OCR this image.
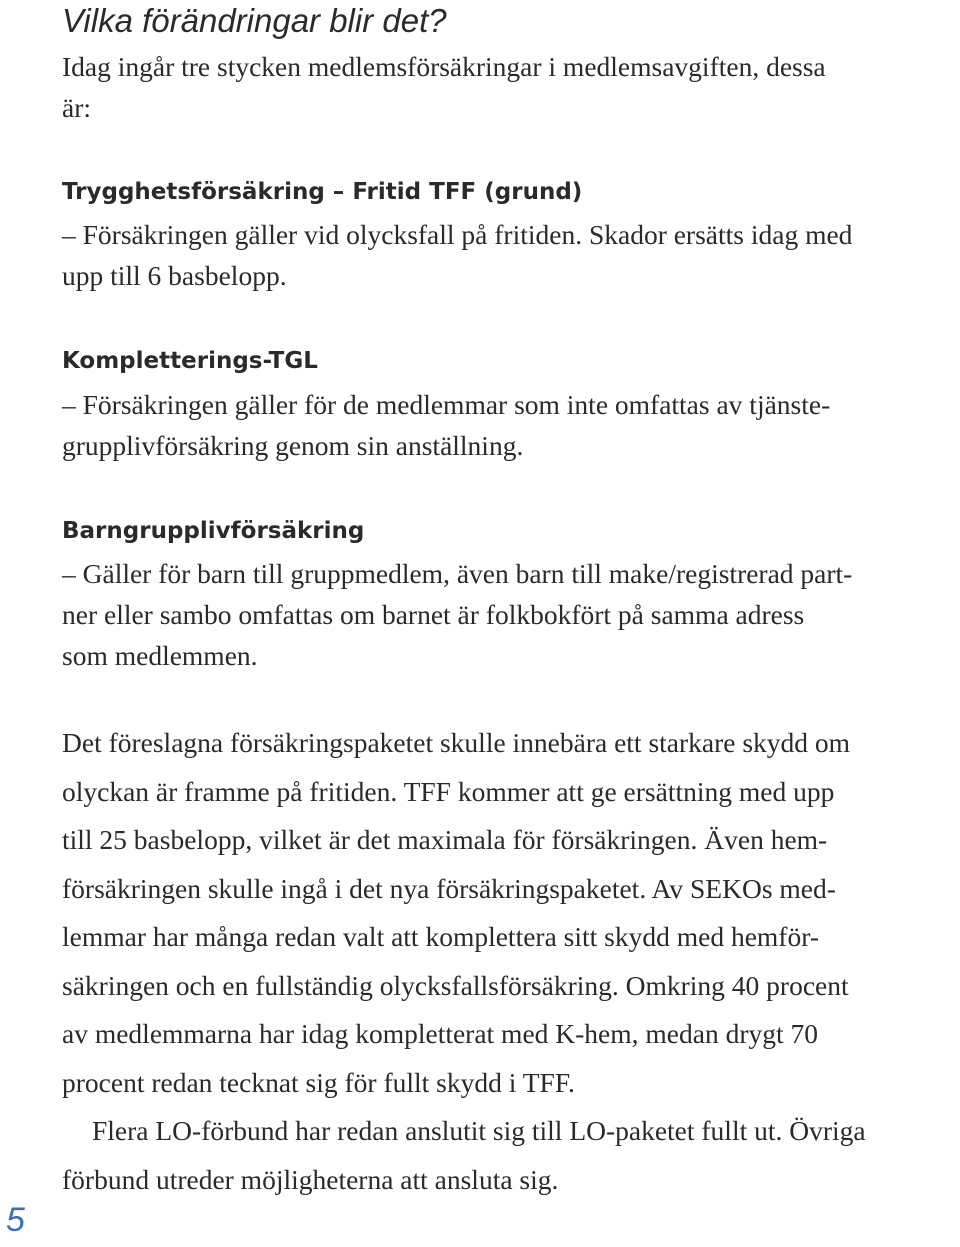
Vilka förändringar blir det?
Idag ingår tre stycken medlemsförsäkringar i medlemsavgiften, dessa
är:
Trygghetsförsäkring – Fritid TFF (grund)
– Försäkringen gäller vid olycksfall på fritiden. Skador ersätts idag med
upp till 6 basbelopp.
Kompletterings-TGL
– Försäkringen gäller för de medlemmar som inte omfattas av tjänste-
grupplivförsäkring genom sin anställning.
Barngrupplivförsäkring
– Gäller för barn till gruppmedlem, även barn till make/registrerad part-
ner eller sambo omfattas om barnet är folkbokfört på samma adress
som medlemmen.
Det föreslagna försäkringspaketet skulle innebära ett starkare skydd om
olyckan är framme på fritiden. TFF kommer att ge ersättning med upp
till 25 basbelopp, vilket är det maximala för försäkringen. Även hem-
försäkringen skulle ingå i det nya försäkringspaketet. Av SEKOs med-
lemmar har många redan valt att komplettera sitt skydd med hemför-
säkringen och en fullständig olycksfallsförsäkring. Omkring 40 procent
av medlemmarna har idag kompletterat med K-hem, medan drygt 70
procent redan tecknat sig för fullt skydd i TFF.
Flera LO-förbund har redan anslutit sig till LO-paketet fullt ut. Övriga
förbund utreder möjligheterna att ansluta sig.
5
